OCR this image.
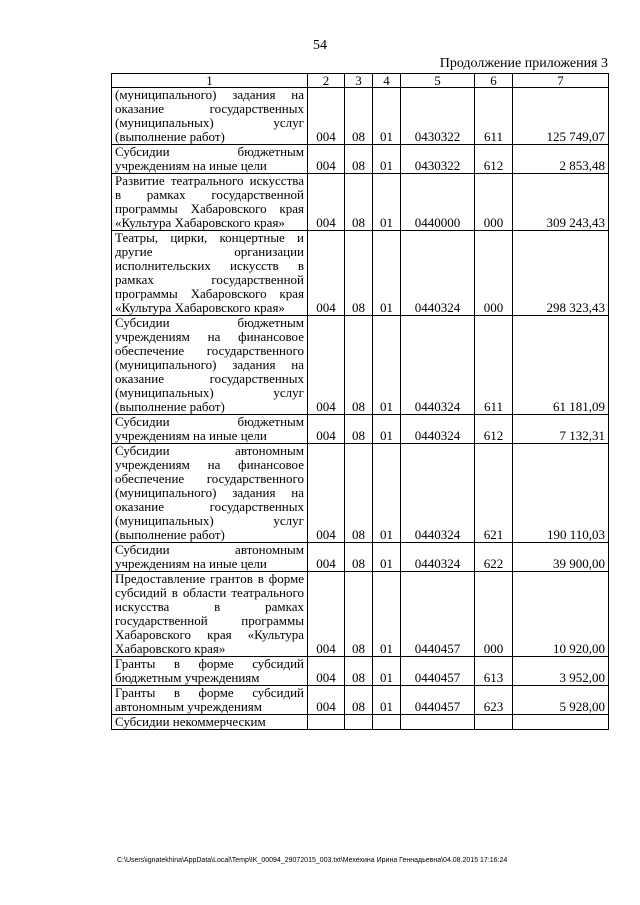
54
Продолжение приложения 3
1	2	3	4	5	6	7
(муниципального) задания на оказание государственных (муниципальных) услуг (выполнение работ)	004	08	01	0430322	611	125 749,07
Субсидии бюджетным учреждениям на иные цели	004	08	01	0430322	612	2 853,48
Развитие театрального искусства в рамках государственной программы Хабаровского края «Культура Хабаровского края»	004	08	01	0440000	000	309 243,43
Театры, цирки, концертные и другие организации исполнительских искусств в рамках государственной программы Хабаровского края «Культура Хабаровского края»	004	08	01	0440324	000	298 323,43
Субсидии бюджетным учреждениям на финансовое обеспечение государственного (муниципального) задания на оказание государственных (муниципальных) услуг (выполнение работ)	004	08	01	0440324	611	61 181,09
Субсидии бюджетным учреждениям на иные цели	004	08	01	0440324	612	7 132,31
Субсидии автономным учреждениям на финансовое обеспечение государственного (муниципального) задания на оказание государственных (муниципальных) услуг (выполнение работ)	004	08	01	0440324	621	190 110,03
Субсидии автономным учреждениям на иные цели	004	08	01	0440324	622	39 900,00
Предоставление грантов в форме субсидий в области театрального искусства в рамках государственной программы Хабаровского края «Культура Хабаровского края»	004	08	01	0440457	000	10 920,00
Гранты в форме субсидий бюджетным учреждениям	004	08	01	0440457	613	3 952,00
Гранты в форме субсидий автономным учреждениям	004	08	01	0440457	623	5 928,00
Субсидии некоммерческим						
C:\Users\ignatekhina\AppData\Local\Temp\IK_00094_29072015_003.txt\Мехехина Ирина Геннадьевна\04.08.2015 17:16:24
